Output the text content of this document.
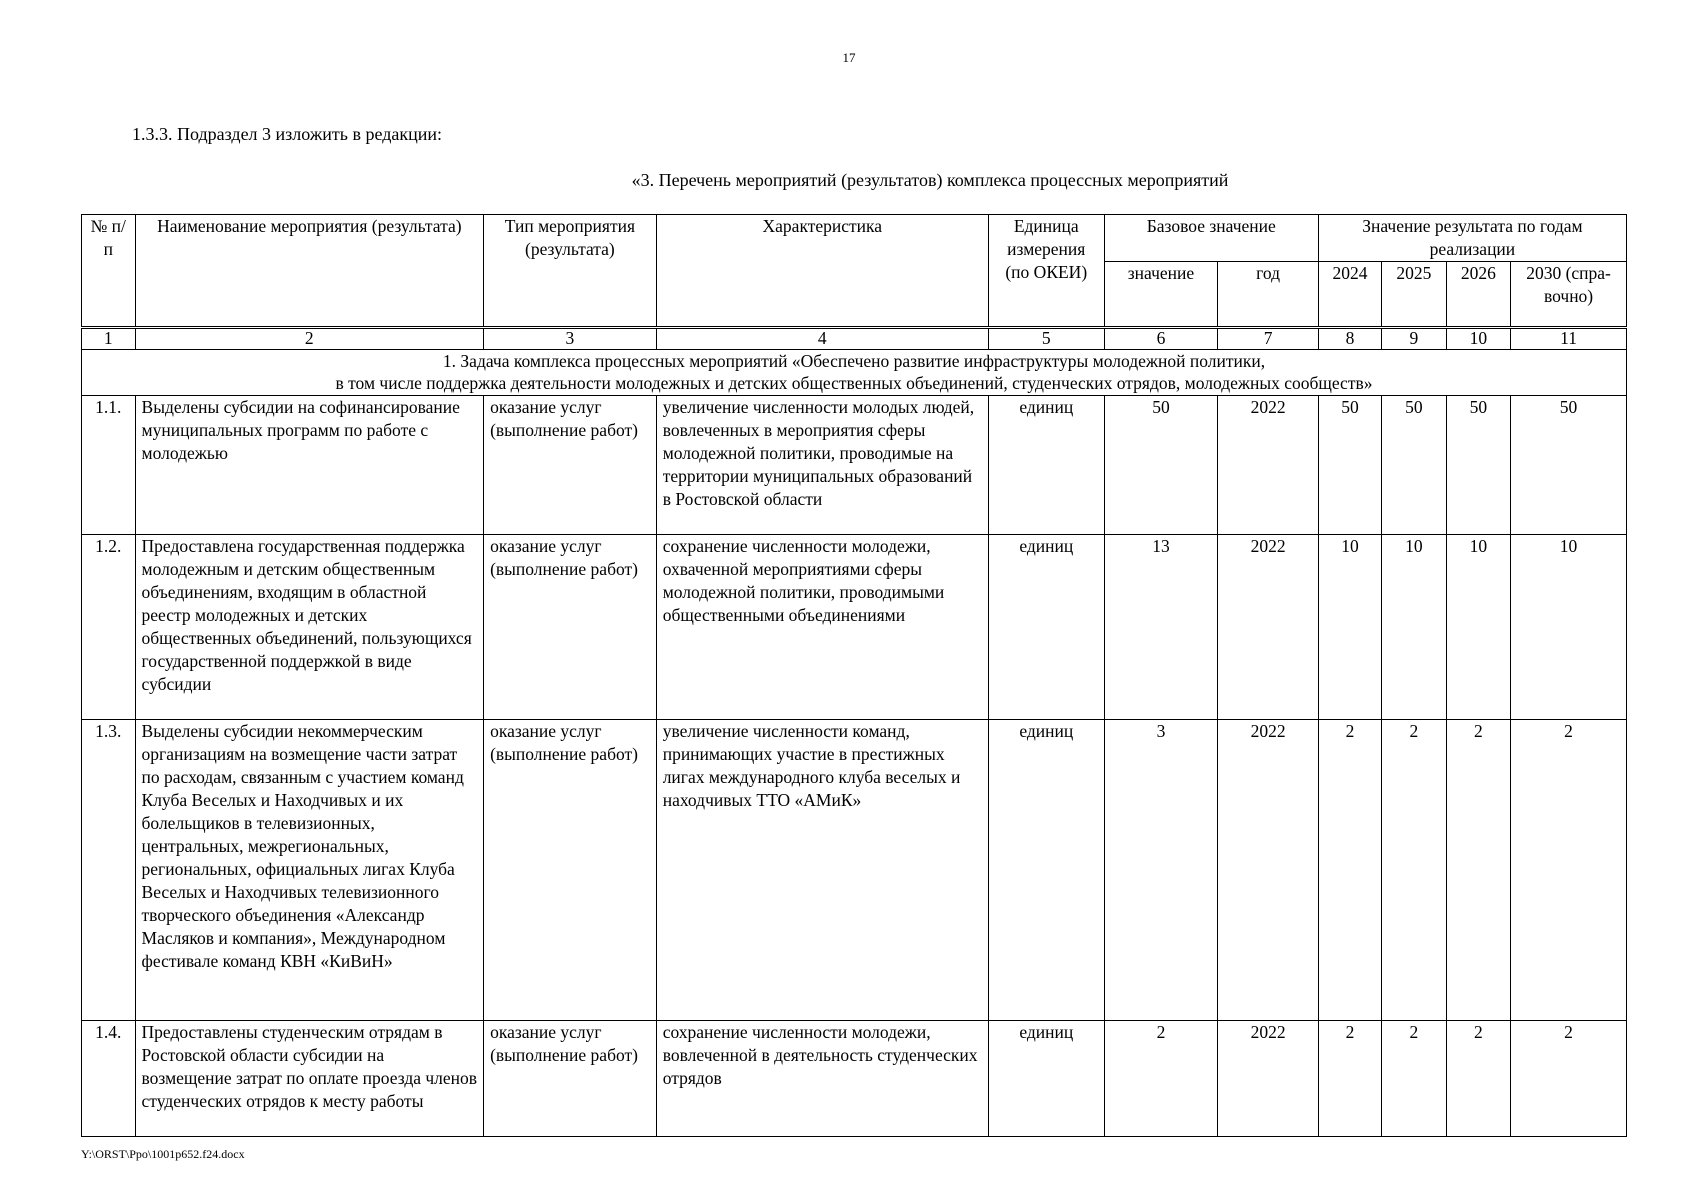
17
1.3.3. Подраздел 3 изложить в редакции:
«3. Перечень мероприятий (результатов) комплекса процессных мероприятий
№ п/п	Наименование мероприятия (результата)	Тип мероприятия (результата)	Характеристика	Единица измерения (по ОКЕИ)	Базовое значение		Значение результата по годам реализации			
					значение	год	2024	2025	2026	2030 (спра-вочно)
1	2	3	4	5	6	7	8	9	10	11

1. Задача комплекса процессных мероприятий «Обеспечено развитие инфраструктуры молодежной политики,
в том числе поддержка деятельности молодежных и детских общественных объединений, студенческих отрядов, молодежных сообществ»										

1.1.	Выделены субсидии на софинансирование муниципальных программ по работе с молодежью	оказание услуг (выполнение работ)	увеличение численности молодых людей, вовлеченных в мероприятия сферы молодежной политики, проводимые на территории муниципальных образований в Ростовской области	единиц	50	2022	50	50	50	50
1.2.	Предоставлена государственная поддержка молодежным и детским общественным объединениям, входящим в областной реестр молодежных и детских общественных объединений, пользующихся государственной поддержкой в виде субсидии	оказание услуг (выполнение работ)	сохранение численности молодежи, охваченной мероприятиями сферы молодежной политики, проводимыми общественными объединениями	единиц	13	2022	10	10	10	10
1.3.	Выделены субсидии некоммерческим организациям на возмещение части затрат по расходам, связанным с участием команд Клуба Веселых и Находчивых и их болельщиков в телевизионных, центральных, межрегиональных, региональных, официальных лигах Клуба Веселых и Находчивых телевизионного творческого объединения «Александр Масляков и компания», Международном фестивале команд КВН «КиВиН»	оказание услуг (выполнение работ)	увеличение численности команд, принимающих участие в престижных лигах международного клуба веселых и находчивых ТТО «АМиК»	единиц	3	2022	2	2	2	2
1.4.	Предоставлены студенческим отрядам в Ростовской области субсидии на возмещение затрат по оплате проезда членов студенческих отрядов к месту работы	оказание услуг (выполнение работ)	сохранение численности молодежи, вовлеченной в деятельность студенческих отрядов	единиц	2	2022	2	2	2	2
Y:\ORST\Ppo\1001p652.f24.docx
